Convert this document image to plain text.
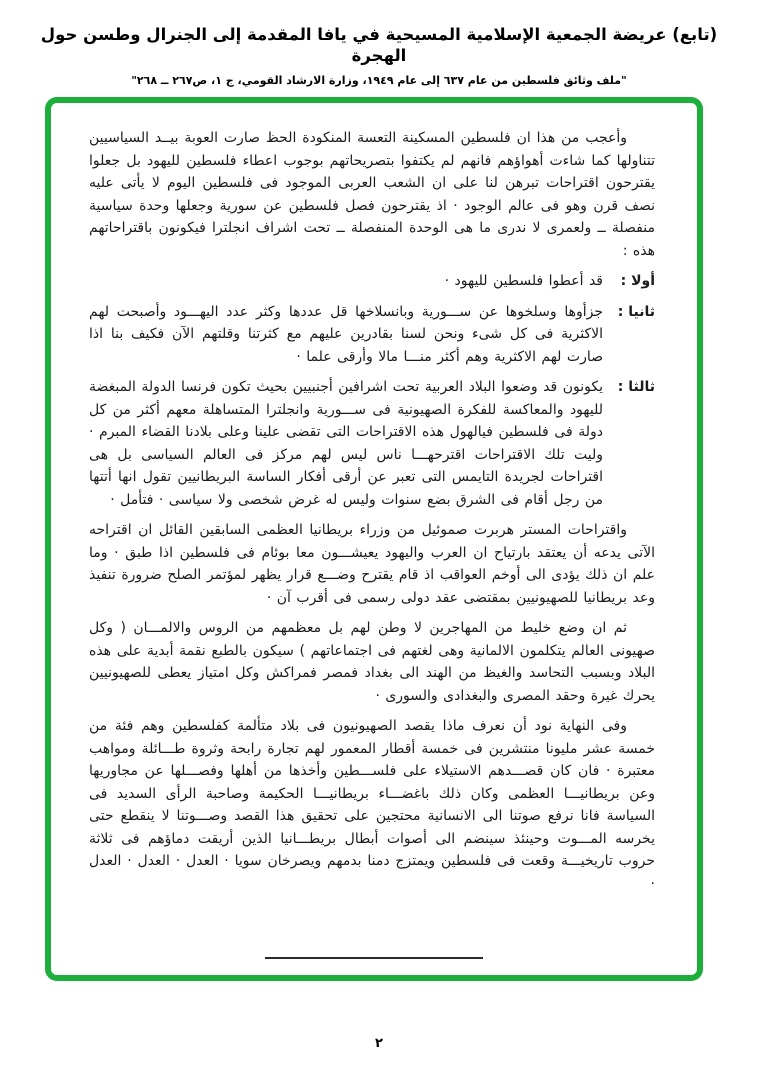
(تابع) عريضة الجمعية الإسلامية المسيحية في يافا المقدمة إلى الجنرال وطسن حول الهجرة
"ملف وثائق فلسطين من عام ٦٣٧ إلى عام ١٩٤٩، وزارة الارشاد القومي، ج ١، ص٢٦٧ ــ ٢٦٨"

وأعجب من هذا ان فلسطين المسكينة التعسة المنكودة الحظ صارت العوبة بيــد السياسيين تتناولها كما شاءت أهواؤهم فانهم لم يكتفوا بتصريحاتهم بوجوب اعطاء فلسطين لليهود بل جعلوا يقترحون اقتراحات تبرهن لنا على ان الشعب العربى الموجود فى فلسطين اليوم لا يأتى عليه نصف قرن وهو فى عالم الوجود · اذ يقترحون فصل فلسطين عن سورية وجعلها وحدة سياسية منفصلة ــ ولعمرى لا ندرى ما هى الوحدة المنفصلة ــ تحت اشراف انجلترا فيكونون باقتراحاتهم هذه :

أولا :
قد أعطوا فلسطين لليهود ·
ثانيا :
جزأوها وسلخوها عن ســـورية وبانسلاخها قل عددها وكثر عدد اليهـــود وأصبحت لهم الاكثرية فى كل شىء ونحن لسنا بقادرين عليهم مع كثرتنا وقلتهم الآن فكيف بنا اذا صارت لهم الاكثرية وهم أكثر منـــا مالا وأرقى علما ·
ثالثا :
يكونون قد وضعوا البلاد العربية تحت اشرافين أجنبيين بحيث تكون فرنسا الدولة المبغضة لليهود والمعاكسة للفكرة الصهيونية فى ســـورية وانجلترا المتساهلة معهم أكثر من كل دولة فى فلسطين فيالهول هذه الاقتراحات التى تقضى علينا وعلى بلادنا القضاء المبرم · وليت تلك الاقتراحات اقترحهـــا ناس ليس لهم مركز فى العالم السياسى بل هى اقتراحات لجريدة التايمس التى تعبر عن أرقى أفكار الساسة البريطانيين تقول انها أتتها من رجل أقام فى الشرق بضع سنوات وليس له غرض شخصى ولا سياسى · فتأمل ·

واقتراحات المستر هربرت صموئيل من وزراء بريطانيا العظمى السابقين القائل ان اقتراحه الآتى يدعه أن يعتقد بارتياح ان العرب واليهود يعيشـــون معا بوئام فى فلسطين اذا طبق · وما علم ان ذلك يؤدى الى أوخم العواقب اذ قام يقترح وضـــع قرار يظهر لمؤتمر الصلح ضرورة تنفيذ وعد بريطانيا للصهيونيين بمقتضى عقد دولى رسمى فى أقرب آن ·

ثم ان وضع خليط من المهاجرين لا وطن لهم بل معظمهم من الروس والالمـــان ( وكل صهيونى العالم يتكلمون الالمانية وهى لغتهم فى اجتماعاتهم ) سيكون بالطبع نقمة أبدية على هذه البلاد وبسبب التحاسد والغيظ من الهند الى بغداد فمصر فمراكش وكل امتياز يعطى للصهيونيين يحرك غيرة وحقد المصرى والبغدادى والسورى ·

وفى النهاية نود أن نعرف ماذا يقصد الصهيونيون فى بلاد متألمة كفلسطين وهم فئة من خمسة عشر مليونا منتشرين فى خمسة أقطار المعمور لهم تجارة رابحة وثروة طـــائلة ومواهب معتبرة · فان كان قصـــدهم الاستيلاء على فلســـطين وأخذها من أهلها وفصـــلها عن مجاوريها وعن بريطانيـــا العظمى وكان ذلك باغضـــاء بريطانيـــا الحكيمة وصاحبة الرأى السديد فى السياسة فانا نرفع صوتنا الى الانسانية محتجين على تحقيق هذا القصد وصـــوتنا لا ينقطع حتى يخرسه المـــوت وحينئذ سينضم الى أصوات أبطال بريطـــانيا الذين أريقت دماؤهم فى ثلاثة حروب تاريخيـــة وقعت فى فلسطين ويمتزج دمنا بدمهم ويصرخان سويا · العدل · العدل · العدل ·

٢
